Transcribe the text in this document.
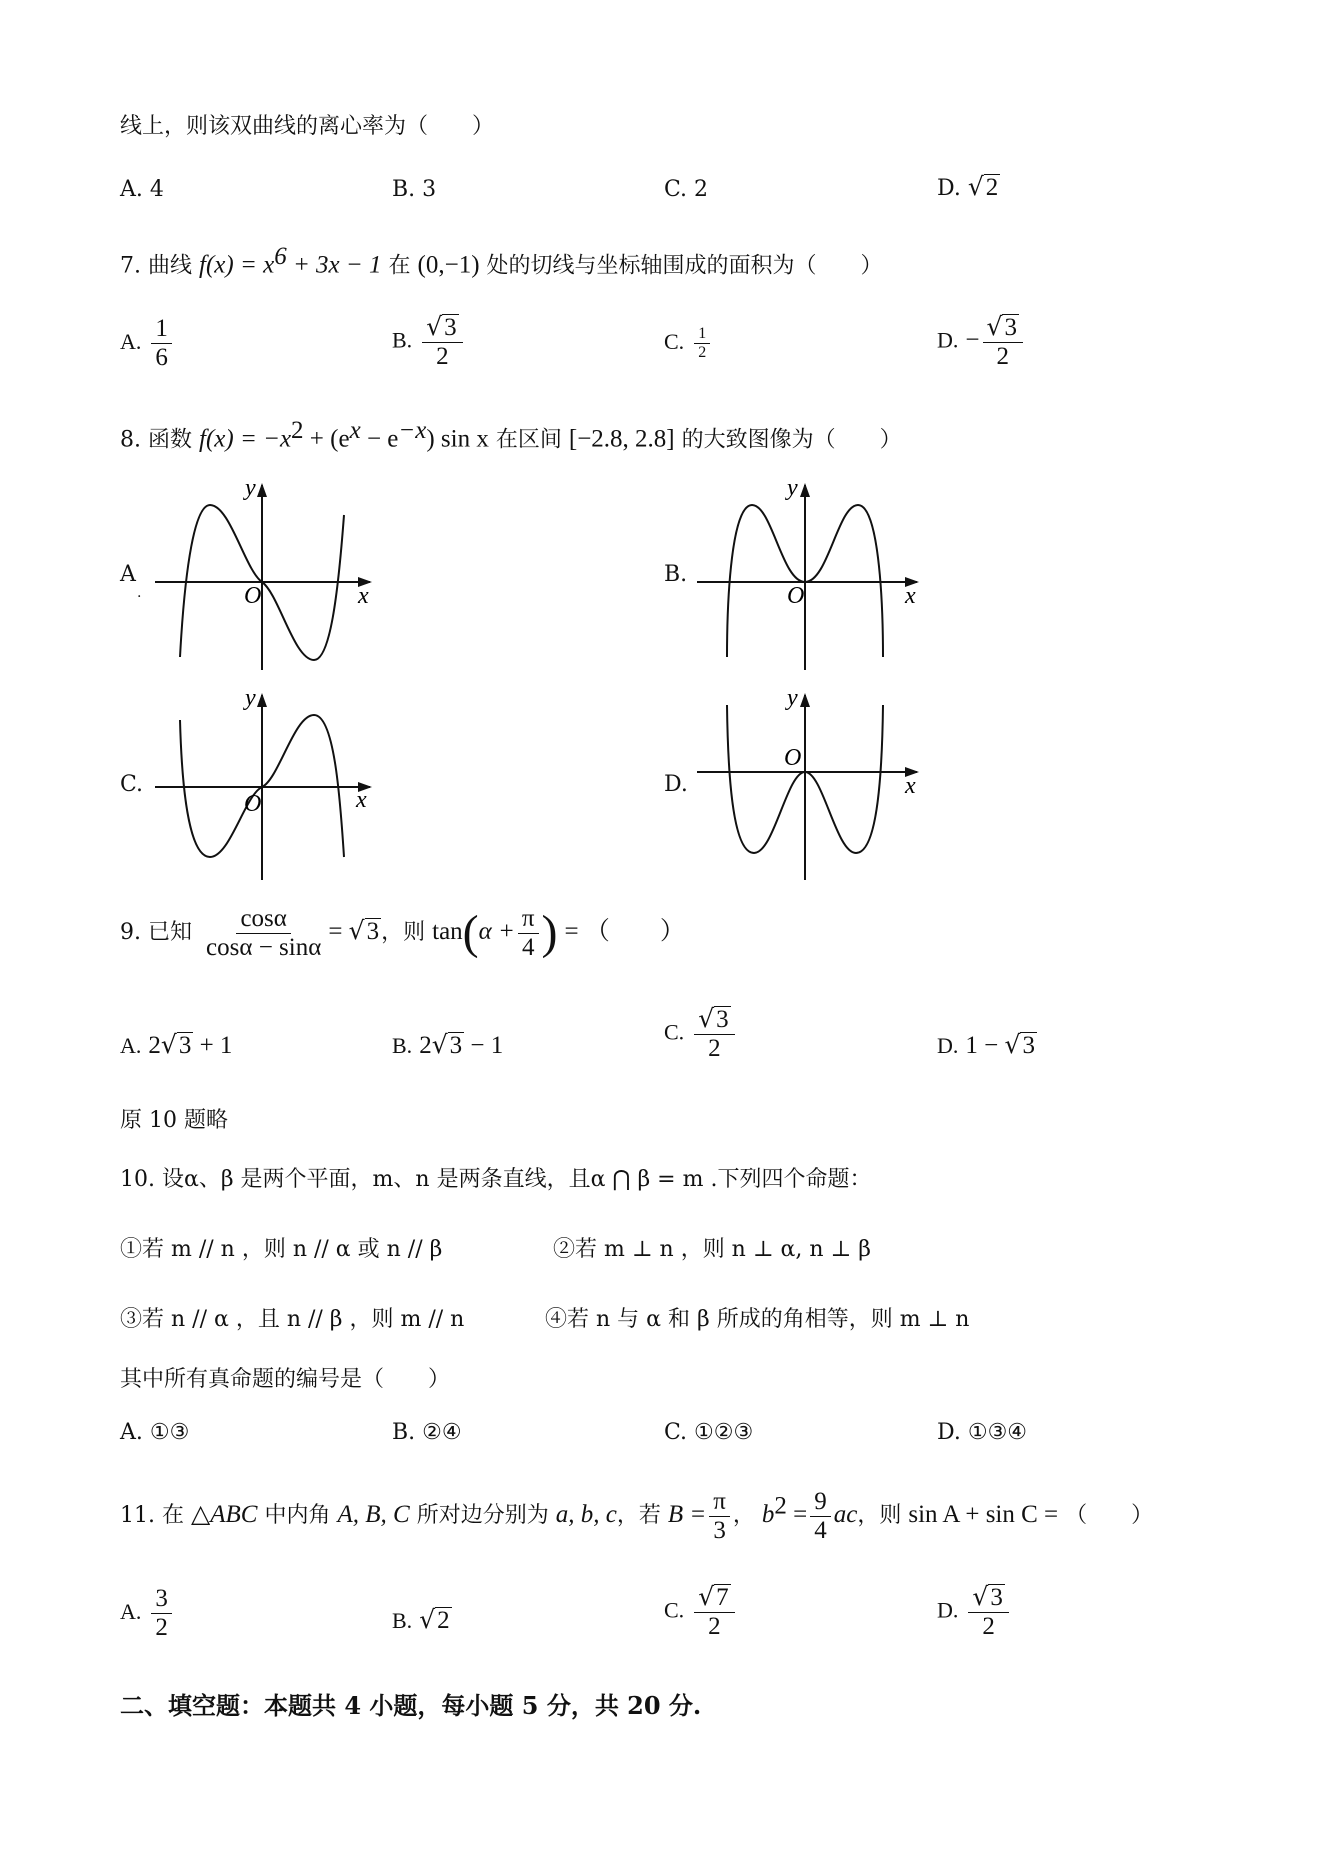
线上，则该双曲线的离心率为（　　）
A. 4	B. 3	C. 2	D. √2
7. 曲线 $f(x) = x^6 + 3x - 1$ 在 (0,−1) 处的切线与坐标轴围成的面积为（　　）
A. $\frac{1}{6}$	B. $\frac{√3}{2}$	C. $\frac{1}{2}$	D. − $\frac{√3}{2}$
8. 函数 $f(x) = -x^2 + (e^x - e^{-x})$ sin x 在区间 [−2.8, 2.8] 的大致图像为（　　）
A
.	O	x
y
B.
O	x
y
C.
O	x
y
D.
O
x
y
9. 已知 $\frac{\cos\alpha}{\cos\alpha - \sin\alpha} = √3$，则 $\tan(\alpha + \frac{\pi}{4}$ ) = （　　）
A. 2√3 + 1	B. 2√3 − 1	C. $\frac{√3}{2}$	D. 1 − √3
原 10 题略
10. 设α、β 是两个平面，m、n 是两条直线，且α ⋂ β = m .下列四个命题：
①若 m // n ，则 n // α 或 n // β	②若 m ⊥ n ，则 n ⊥ α, n ⊥ β
③若 n // α ，且 n // β ，则 m // n	④若 n 与 α 和 β 所成的角相等，则 m ⊥ n
其中所有真命题的编号是（　　）
A. ①③	B. ②④	C. ①②③	D. ①③④
11. 在 △ABC 中内角 A, B, C 所对边分别为 a, b, c，若 $B = \frac{\pi}{3}$ ， $b^2 = \frac{9}{4}$ ac，则 sin A + sin C = （　　）
A. $\frac{3}{2}$	B. √2	C. $\frac{√7}{2}$	D. $\frac{√3}{2}$
二、填空题：本题共 4 小题，每小题 5 分，共 20 分.
